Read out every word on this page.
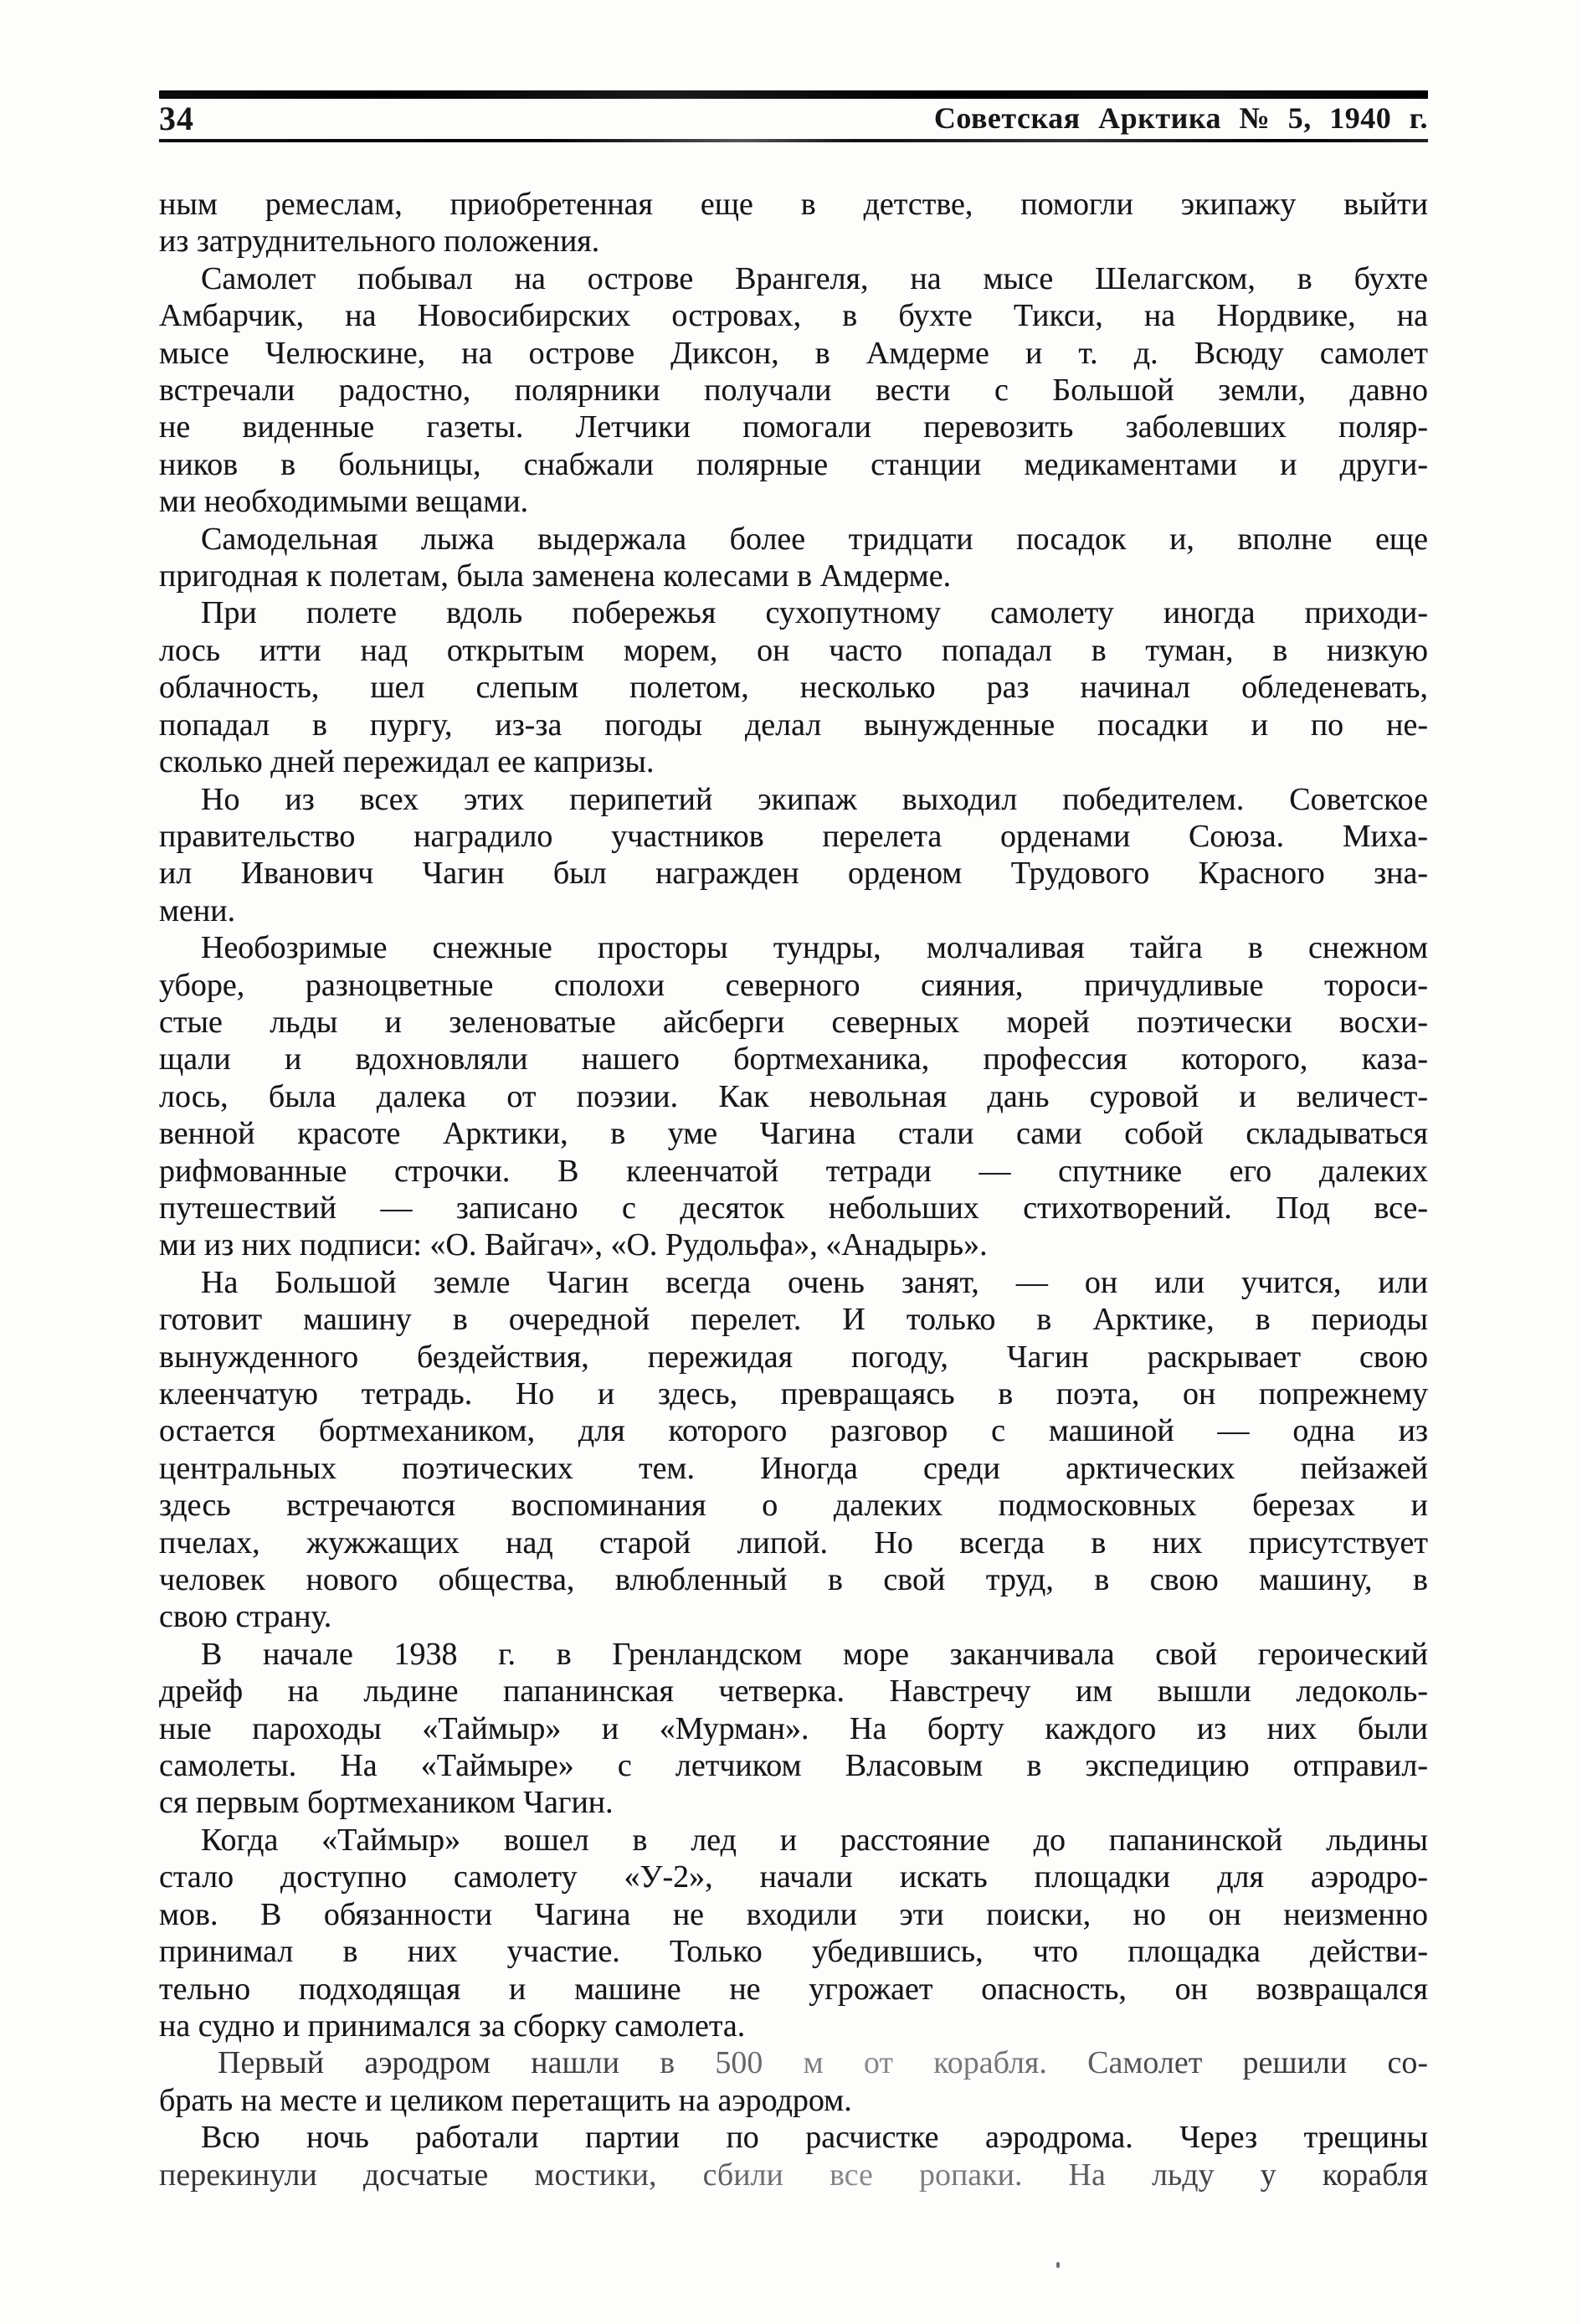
34	Советская Арктика № 5, 1940 г.
ным ремеслам, приобретенная еще в детстве, помогли экипажу выйти
из затруднительного положения.
Самолет побывал на острове Врангеля, на мысе Шелагском, в бухте
Амбарчик, на Новосибирских островах, в бухте Тикси, на Нордвике, на
мысе Челюскине, на острове Диксон, в Амдерме и т. д. Всюду самолет
встречали радостно, полярники получали вести с Большой земли, давно
не виденные газеты. Летчики помогали перевозить заболевших поляр-
ников в больницы, снабжали полярные станции медикаментами и други-
ми необходимыми вещами.
Самодельная лыжа выдержала более тридцати посадок и, вполне еще
пригодная к полетам, была заменена колесами в Амдерме.
При полете вдоль побережья сухопутному самолету иногда приходи-
лось итти над открытым морем, он часто попадал в туман, в низкую
облачность, шел слепым полетом, несколько раз начинал обледеневать,
попадал в пургу, из-за погоды делал вынужденные посадки и по не-
сколько дней пережидал ее капризы.
Но из всех этих перипетий экипаж выходил победителем. Советское
правительство наградило участников перелета орденами Союза. Миха-
ил Иванович Чагин был награжден орденом Трудового Красного зна-
мени.
Необозримые снежные просторы тундры, молчаливая тайга в снежном
уборе, разноцветные сполохи северного сияния, причудливые тороси-
стые льды и зеленоватые айсберги северных морей поэтически восхи-
щали и вдохновляли нашего бортмеханика, профессия которого, каза-
лось, была далека от поэзии. Как невольная дань суровой и величест-
венной красоте Арктики, в уме Чагина стали сами собой складываться
рифмованные строчки. В клеенчатой тетради — спутнике его далеких
путешествий — записано с десяток небольших стихотворений. Под все-
ми из них подписи: «О. Вайгач», «О. Рудольфа», «Анадырь».
На Большой земле Чагин всегда очень занят, — он или учится, или
готовит машину в очередной перелет. И только в Арктике, в периоды
вынужденного бездействия, пережидая погоду, Чагин раскрывает свою
клеенчатую тетрадь. Но и здесь, превращаясь в поэта, он попрежнему
остается бортмехаником, для которого разговор с машиной — одна из
центральных поэтических тем. Иногда среди арктических пейзажей
здесь встречаются воспоминания о далеких подмосковных березах и
пчелах, жужжащих над старой липой. Но всегда в них присутствует
человек нового общества, влюбленный в свой труд, в свою машину, в
свою страну.
В начале 1938 г. в Гренландском море заканчивала свой героический
дрейф на льдине папанинская четверка. Навстречу им вышли ледоколь-
ные пароходы «Таймыр» и «Мурман». На борту каждого из них были
самолеты. На «Таймыре» с летчиком Власовым в экспедицию отправил-
ся первым бортмехаником Чагин.
Когда «Таймыр» вошел в лед и расстояние до папанинской льдины
стало доступно самолету «У-2», начали искать площадки для аэродро-
мов. В обязанности Чагина не входили эти поиски, но он неизменно
принимал в них участие. Только убедившись, что площадка действи-
тельно подходящая и машине не угрожает опасность, он возвращался
на судно и принимался за сборку самолета.
Первый аэродром нашли в 500 м от корабля. Самолет решили со-
брать на месте и целиком перетащить на аэродром.
Всю ночь работали партии по расчистке аэродрома. Через трещины
перекинули досчатые мостики, сбили все ропаки. На льду у корабля
